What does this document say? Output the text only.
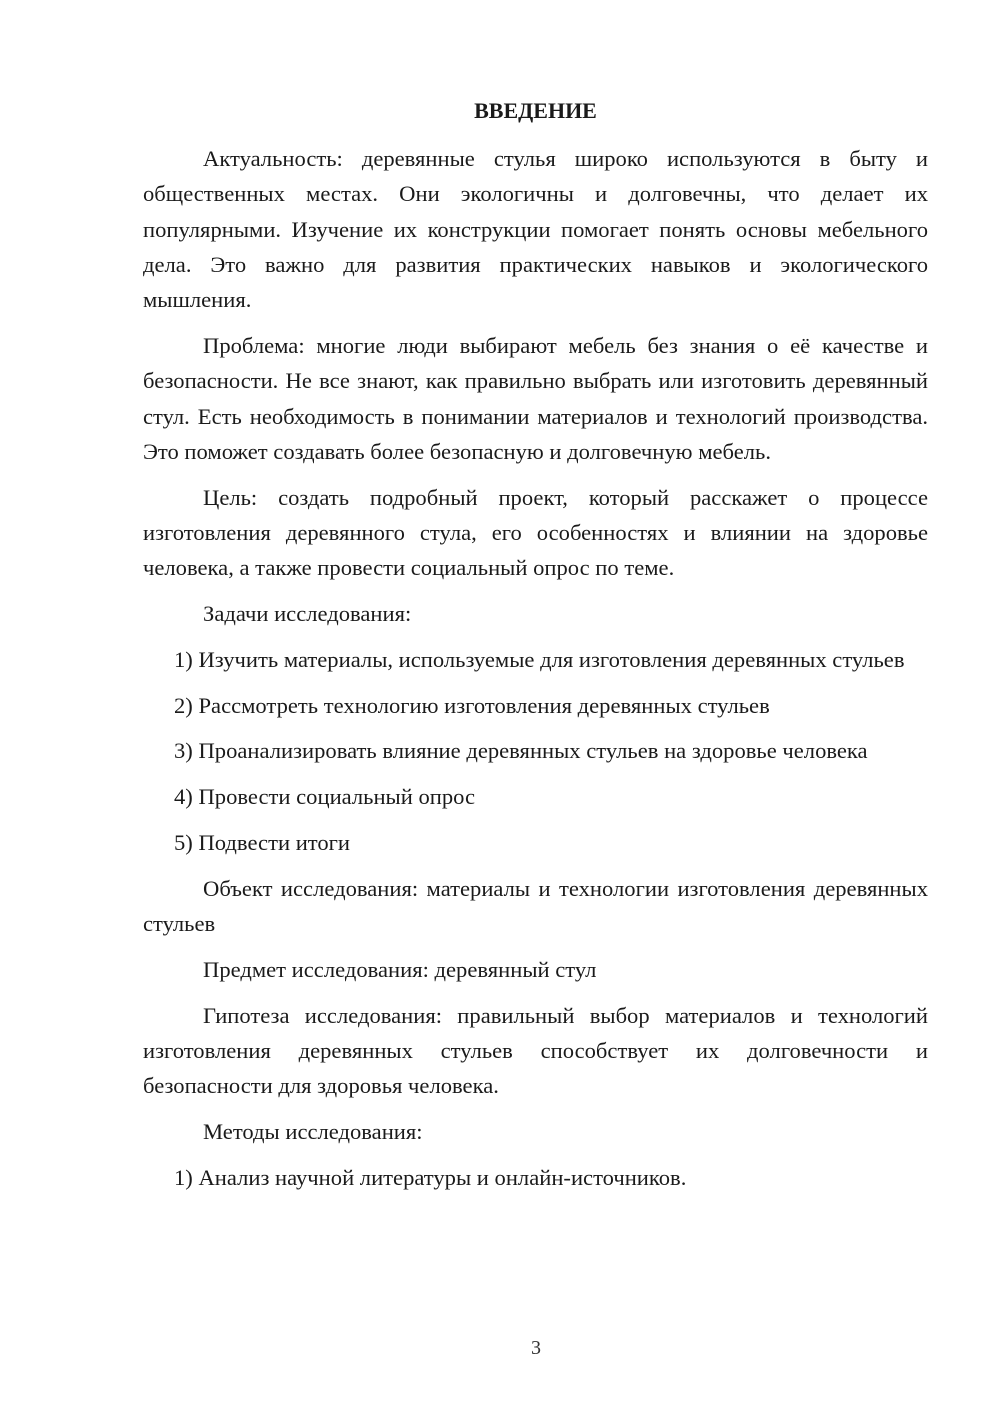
ВВЕДЕНИЕ

Актуальность: деревянные стулья широко используются в быту и общественных местах. Они экологичны и долговечны, что делает их популярными. Изучение их конструкции помогает понять основы мебельного дела. Это важно для развития практических навыков и экологического мышления.

Проблема: многие люди выбирают мебель без знания о её качестве и безопасности. Не все знают, как правильно выбрать или изготовить деревянный стул. Есть необходимость в понимании материалов и технологий производства. Это поможет создавать более безопасную и долговечную мебель.

Цель: создать подробный проект, который расскажет о процессе изготовления деревянного стула, его особенностях и влиянии на здоровье человека, а также провести социальный опрос по теме.

Задачи исследования:

1) Изучить материалы, используемые для изготовления деревянных стульев

2) Рассмотреть технологию изготовления деревянных стульев

3) Проанализировать влияние деревянных стульев на здоровье человека

4) Провести социальный опрос

5) Подвести итоги

Объект исследования: материалы и технологии изготовления деревянных стульев

Предмет исследования: деревянный стул

Гипотеза исследования: правильный выбор материалов и технологий изготовления деревянных стульев способствует их долговечности и безопасности для здоровья человека.

Методы исследования:

1) Анализ научной литературы и онлайн-источников.

3
